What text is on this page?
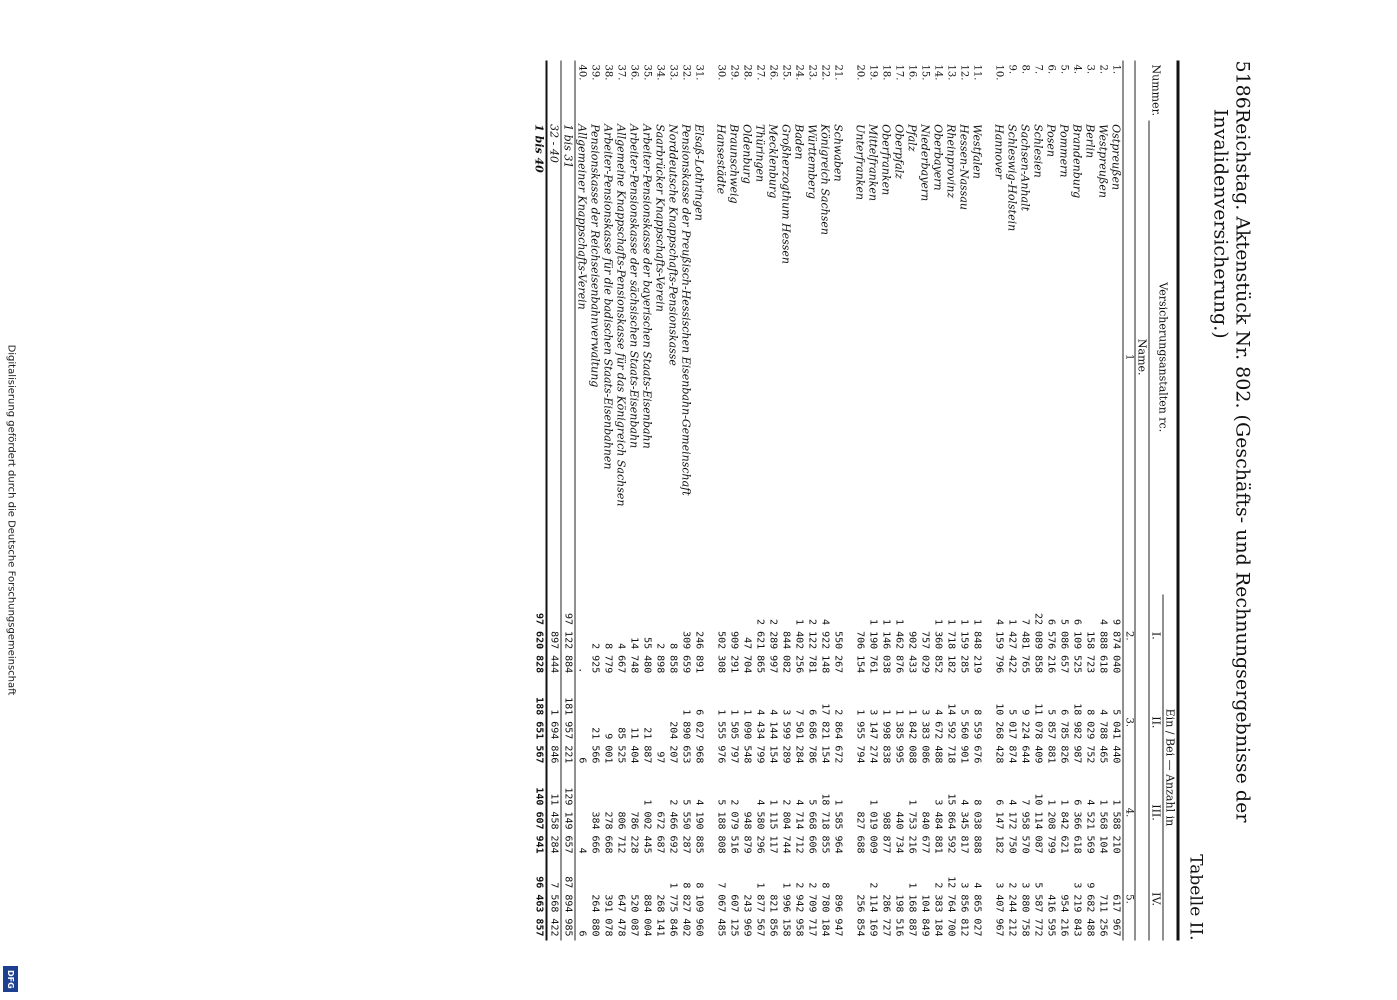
Digitalisierung gefördert durch die Deutsche Forschungsgemeinschaft
DFG
5186
Reichstag. Aktenstück Nr. 802. (Geschäfts- und Rechnungsergebnisse der Invalidenversicherung.)
Tabelle II.
Nummer.	Versicherungsanstalten rc.	Ein / Bei — Anzahl in			
		I.	II.	III.	IV.
	Name.				
	1	2.	3.	4.	5.
1.	Ostpreußen	9 874 040	5 041 440	1 588 210	617 967
2.	Westpreußen	4 888 618	4 788 465	1 568 104	711 256
3.	Berlin	158 723	8 029 752	4 521 569	9 682 488
4.	Brandenburg	6 109 525	18 982 987	6 366 618	3 219 843
5.	Pommern	5 086 657	6 785 826	1 842 621	954 216
6.	Posen	6 576 216	5 857 881	1 208 799	416 595
7.	Schlesien	22 089 858	11 078 409	10 114 087	5 587 772
8.	Sachsen-Anhalt	7 481 765	9 224 644	7 958 570	3 880 758
9.	Schleswig-Holstein	1 427 422	5 017 874	4 172 750	2 244 212
10.	Hannover	4 159 796	10 268 428	6 147 182	3 407 967

11.	Westfalen	1 848 219	8 559 676	8 038 888	4 865 027
12.	Hessen-Nassau	1 159 285	5 560 901	4 345 817	3 856 812
13.	Rheinprovinz	1 718 182	14 592 718	15 864 592	12 764 700
14.	Oberbayern	1 360 852	4 672 488	3 484 881	2 383 184
15.	Niederbayern	757 029	3 383 086	840 677	104 849
16.	Pfalz	902 433	1 842 088	1 753 216	1 168 887
17.	Oberpfalz	1 462 876	1 385 995	440 734	198 516
18.	Oberfranken	1 146 038	1 998 838	988 877	286 727
19.	Mittelfranken	1 190 761	3 147 274	1 019 009	2 114 169
20.	Unterfranken	706 154	1 955 794	827 688	256 854

21.	Schwaben	550 267	2 864 672	1 585 964	896 947
22.	Königreich Sachsen	4 922 148	17 821 154	18 718 855	8 780 184
23.	Württemberg	2 122 781	6 686 786	5 668 606	2 709 717
24.	Baden	1 402 256	7 501 284	4 714 712	2 942 958
25.	Großherzogthum Hessen	844 082	3 599 289	2 804 744	1 996 158
26.	Mecklenburg	2 289 997	4 144 154	1 115 117	821 856
27.	Thüringen	2 621 865	4 434 799	4 580 296	1 877 567
28.	Oldenburg	47 704	1 090 548	948 879	243 969
29.	Braunschweig	909 291	1 505 797	2 079 516	607 125
30.	Hansestädte	502 308	1 555 976	5 188 808	7 067 485

31.	Elsaß-Lothringen	246 891	6 027 968	4 190 885	8 109 960
32.	Pensionskasse der Preußisch-Hessischen Eisenbahn-Gemeinschaft	309 659	1 890 653	5 550 287	8 827 402
33.	Norddeutsche Knappschafts-Pensionskasse	8 858	204 207	2 466 692	1 775 846
34.	Saarbrücker Knappschafts-Verein	2 898	97	672 687	268 141
35.	Arbeiter-Pensionskasse der bayerischen Staats-Eisenbahn	55 480	21 887	1 002 445	884 004
36.	Arbeiter-Pensionskasse der sächsischen Staats-Eisenbahn	14 748	11 404	786 228	520 087
37.	Allgemeine Knappschafts-Pensionskasse für das Königreich Sachsen	4 667	85 525	806 712	647 478
38.	Arbeiter-Pensionskasse für die badischen Staats-Eisenbahnen	8 779	9 001	278 668	391 078
39.	Pensionskasse der Reichseisenbahnverwaltung	2 925	21 566	384 666	264 880
40.	Allgemeiner Knappschafts-Verein	.	6	4	6
	1 bis 31	97 122 884	181 957 221	129 149 657	87 894 985
	32 - 40	897 444	1 694 846	11 458 284	7 568 422
	1 bis 40	97 620 828	188 651 567	140 607 941	96 463 857
